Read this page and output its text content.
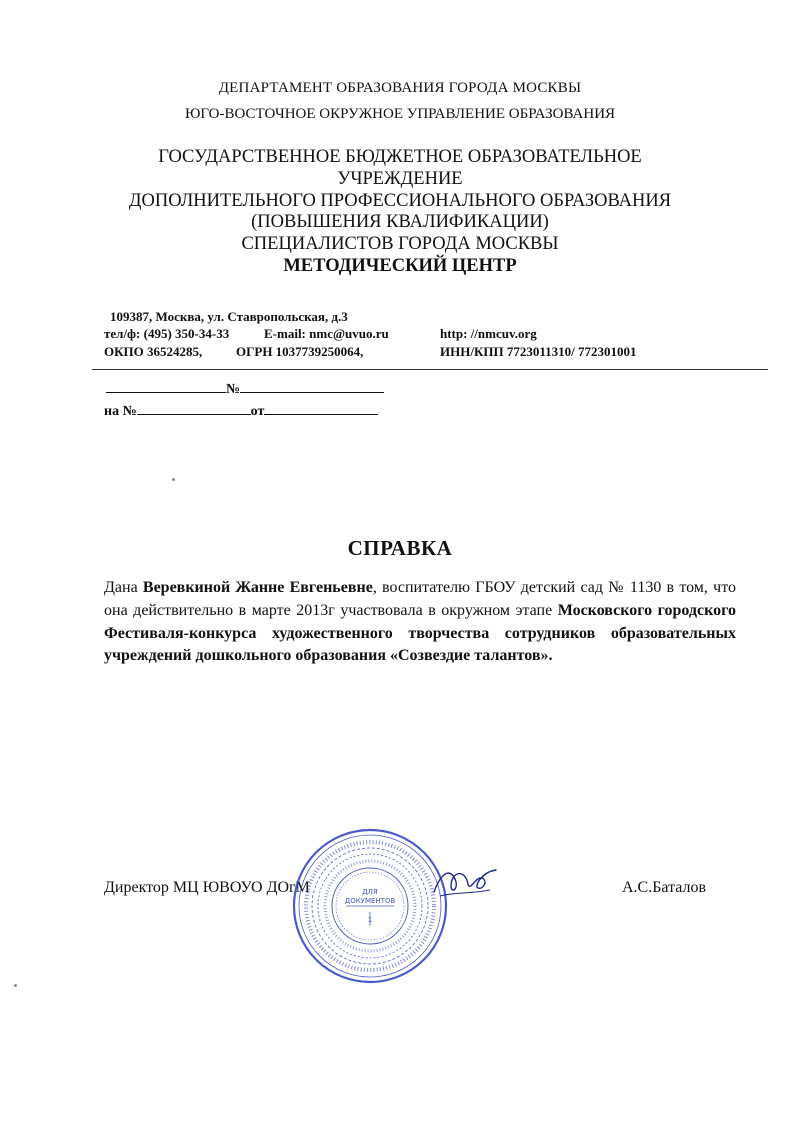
ДЕПАРТАМЕНТ ОБРАЗОВАНИЯ ГОРОДА МОСКВЫ
ЮГО-ВОСТОЧНОЕ ОКРУЖНОЕ УПРАВЛЕНИЕ ОБРАЗОВАНИЯ
ГОСУДАРСТВЕННОЕ БЮДЖЕТНОЕ ОБРАЗОВАТЕЛЬНОЕ
УЧРЕЖДЕНИЕ
ДОПОЛНИТЕЛЬНОГО ПРОФЕССИОНАЛЬНОГО ОБРАЗОВАНИЯ
(ПОВЫШЕНИЯ КВАЛИФИКАЦИИ)
СПЕЦИАЛИСТОВ ГОРОДА МОСКВЫ
МЕТОДИЧЕСКИЙ ЦЕНТР
109387, Москва, ул. Ставропольская, д.3
тел/ф: (495) 350-34-33	E-mail: nmc@uvuo.ru	http: //nmcuv.org
ОКПО 36524285,	ОГРН 1037739250064,	ИНН/КПП 7723011310/ 772301001
№
на №	от
СПРАВКА
Дана Веревкиной Жанне Евгеньевне, воспитателю ГБОУ детский сад № 1130 в том, что она действительно в марте 2013г участвовала в окружном этапе Московского городского Фестиваля-конкурса художественного творчества сотрудников образовательных учреждений дошкольного образования «Созвездие талантов».
Директор МЦ ЮВОУО ДОгМ	А.С.Баталов
ДЛЯ
ДОКУМЕНТОВ
1
